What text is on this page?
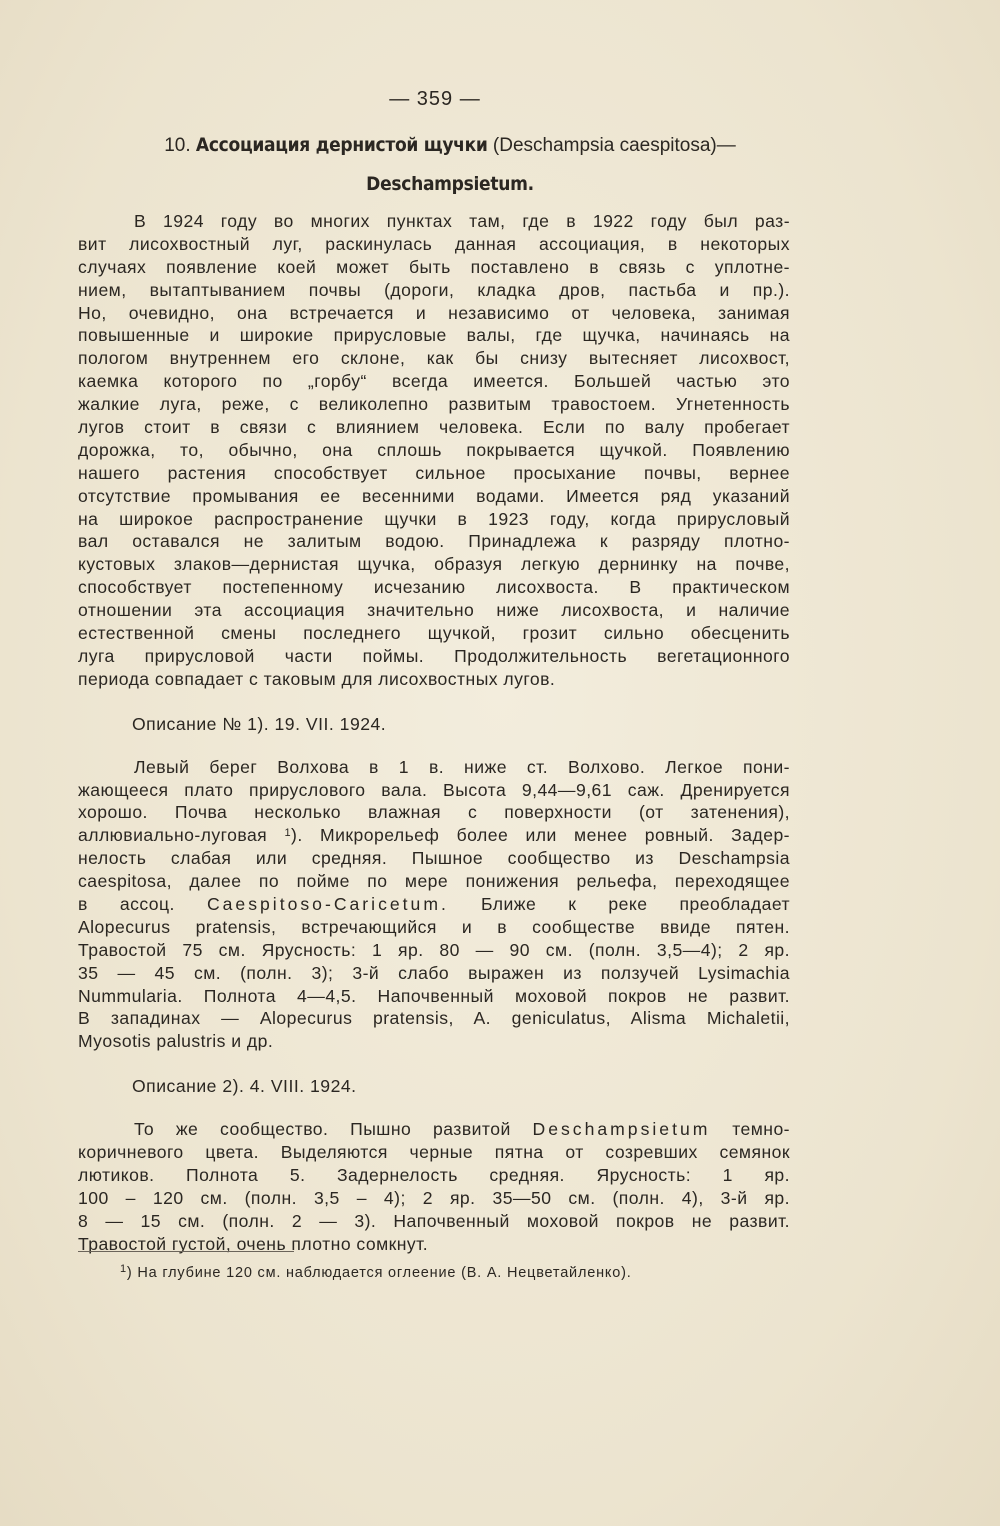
— 359 —
10. Ассоциация дернистой щучки (Deschampsia caespitosa)—
Deschampsietum.
В 1924 году во многих пунктах там, где в 1922 году был раз-
вит лисохвостный луг, раскинулась данная ассоциация, в некоторых
случаях появление коей может быть поставлено в связь с уплотне-
нием, вытаптыванием почвы (дороги, кладка дров, пастьба и пр.).
Но, очевидно, она встречается и независимо от человека, занимая
повышенные и широкие прирусловые валы, где щучка, начинаясь на
пологом внутреннем его склоне, как бы снизу вытесняет лисохвост,
каемка которого по „горбу“ всегда имеется. Большей частью это
жалкие луга, реже, с великолепно развитым травостоем. Угнетенность
лугов стоит в связи с влиянием человека. Если по валу пробегает
дорожка, то, обычно, она сплошь покрывается щучкой. Появлению
нашего растения способствует сильное просыхание почвы, вернее
отсутствие промывания ее весенними водами. Имеется ряд указаний
на широкое распространение щучки в 1923 году, когда прирусловый
вал оставался не залитым водою. Принадлежа к разряду плотно-
кустовых злаков—дернистая щучка, образуя легкую дернинку на почве,
способствует постепенному исчезанию лисохвоста. В практическом
отношении эта ассоциация значительно ниже лисохвоста, и наличие
естественной смены последнего щучкой, грозит сильно обесценить
луга прирусловой части поймы. Продолжительность вегетационного
периода совпадает с таковым для лисохвостных лугов.
Описание № 1). 19. VII. 1924.
Левый берег Волхова в 1 в. ниже ст. Волхово. Легкое пони-
жающееся плато прируслового вала. Высота 9,44—9,61 саж. Дренируется
хорошо. Почва несколько влажная с поверхности (от затенения),
аллювиально-луговая $^1$). Микрорельеф более или менее ровный. Задер-
нелость слабая или средняя. Пышное сообщество из Deschampsia
caespitosa, далее по пойме по мере понижения рельефа, переходящее
в ассоц. Caespitoso-Caricetum. Ближе к реке преобладает
Alopecurus pratensis, встречающийся и в сообществе ввиде пятен.
Травостой 75 см. Ярусность: 1 яр. 80 — 90 см. (полн. 3,5—4); 2 яр.
35 — 45 см. (полн. 3); 3-й слабо выражен из ползучей Lysimachia
Nummularia. Полнота 4—4,5. Напочвенный моховой покров не развит.
В западинах — Alopecurus pratensis, A. geniculatus, Alisma Michaletii,
Myosotis palustris и др.
Описание 2). 4. VIII. 1924.
То же сообщество. Пышно развитой Deschampsietum темно-
коричневого цвета. Выделяются черные пятна от созревших семянок
лютиков. Полнота 5. Задернелость средняя. Ярусность: 1 яр.
100 – 120 см. (полн. 3,5 – 4); 2 яр. 35—50 см. (полн. 4), 3-й яр.
8 — 15 см. (полн. 2 — 3). Напочвенный моховой покров не развит.
Травостой густой, очень плотно сомкнут.
$^1$) На глубине 120 см. наблюдается оглеение (В. А. Нецветайленко).
